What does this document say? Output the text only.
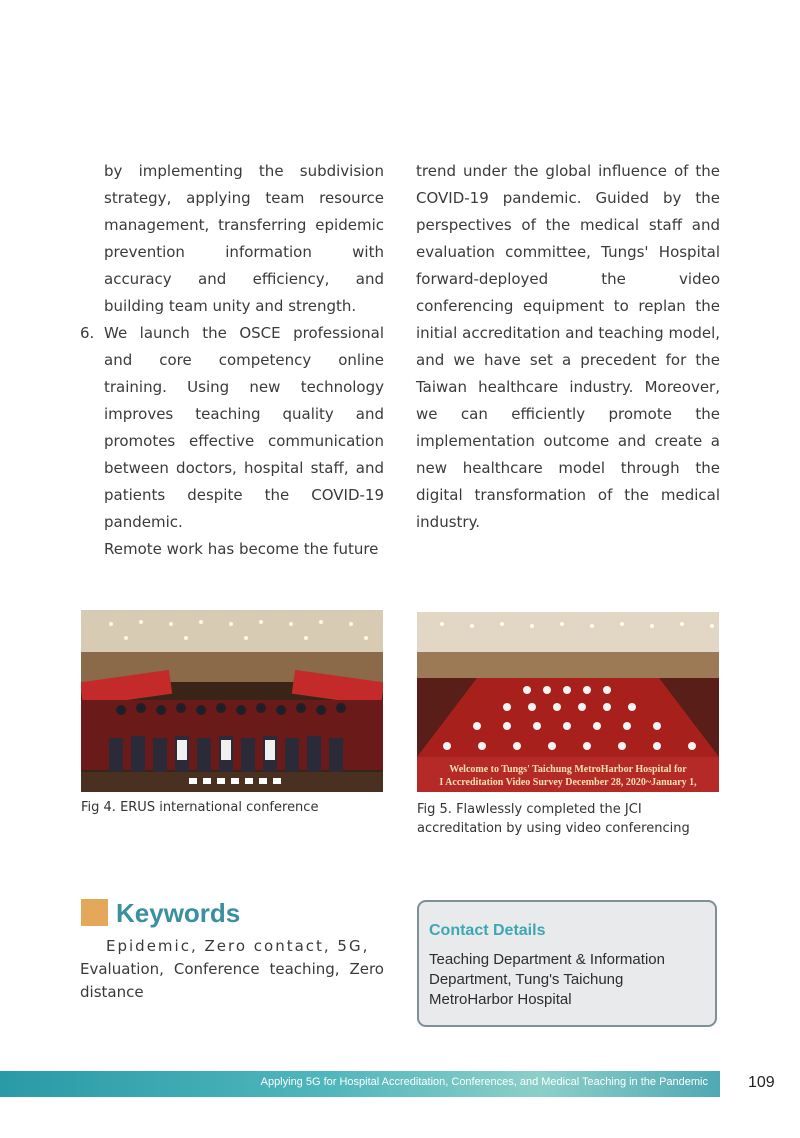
by implementing the subdivision strategy, applying team resource management, transferring epidemic prevention information with accuracy and efficiency, and building team unity and strength.

6. We launch the OSCE professional and core competency online training. Using new technology improves teaching quality and promotes effective communication between doctors, hospital staff, and patients despite the COVID-19 pandemic.

Remote work has become the future

trend under the global influence of the COVID-19 pandemic. Guided by the perspectives of the medical staff and evaluation committee, Tungs' Hospital forward-deployed the video conferencing equipment to replan the initial accreditation and teaching model, and we have set a precedent for the Taiwan healthcare industry. Moreover, we can efficiently promote the implementation outcome and create a new healthcare model through the digital transformation of the medical industry.

Fig 4. ERUS international conference
Welcome to Tungs' Taichung MetroHarbor Hospital for
I Accreditation Video Survey December 28, 2020~January 1,
Fig 5. Flawlessly completed the JCI accreditation by using video conferencing
Keywords
Epidemic, Zero contact, 5G,
Evaluation, Conference teaching, Zero distance
Contact Details
Teaching Department & Information Department, Tung's Taichung MetroHarbor Hospital
Applying 5G for Hospital Accreditation, Conferences, and Medical Teaching in the Pandemic	109
